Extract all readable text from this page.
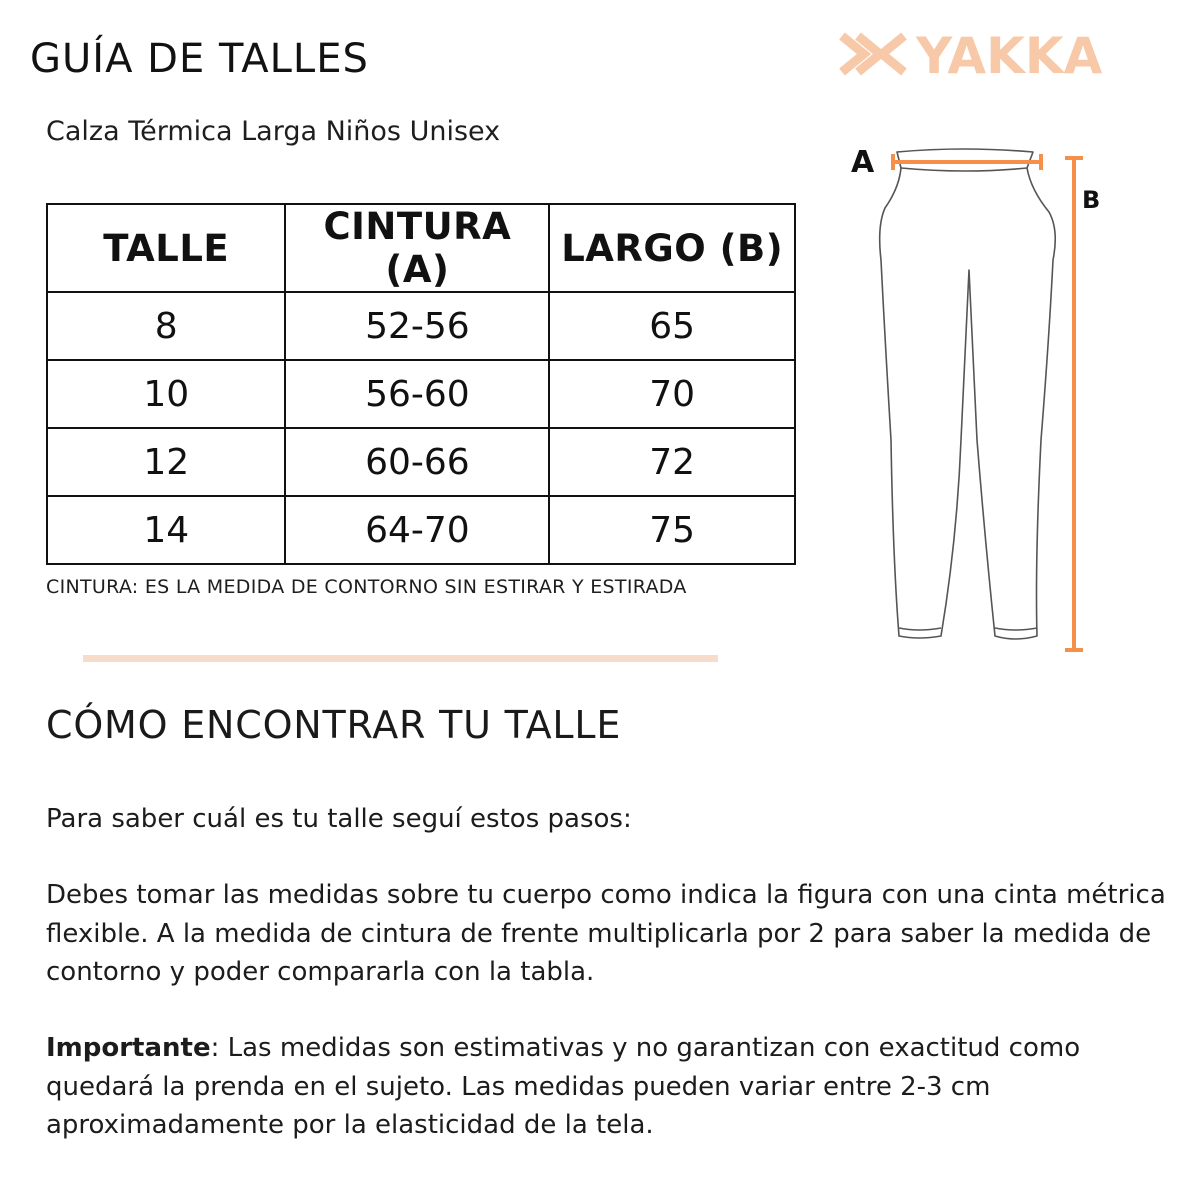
GUÍA DE TALLES	YAKKA
Calza Térmica Larga Niños Unisex
TALLE	CINTURA (A)	LARGO (B)
8	52-56	65
10	56-60	70
12	60-66	72
14	64-70	75
CINTURA: ES LA MEDIDA DE CONTORNO SIN ESTIRAR Y ESTIRADA
A
B
CÓMO ENCONTRAR TU TALLE

Para saber cuál es tu talle seguí estos pasos:

Debes tomar las medidas sobre tu cuerpo como indica la figura con una cinta métrica flexible. A la medida de cintura de frente multiplicarla por 2 para saber la medida de contorno y poder compararla con la tabla.

Importante: Las medidas son estimativas y no garantizan con exactitud como quedará la prenda en el sujeto. Las medidas pueden variar entre 2-3 cm aproximadamente por la elasticidad de la tela.
